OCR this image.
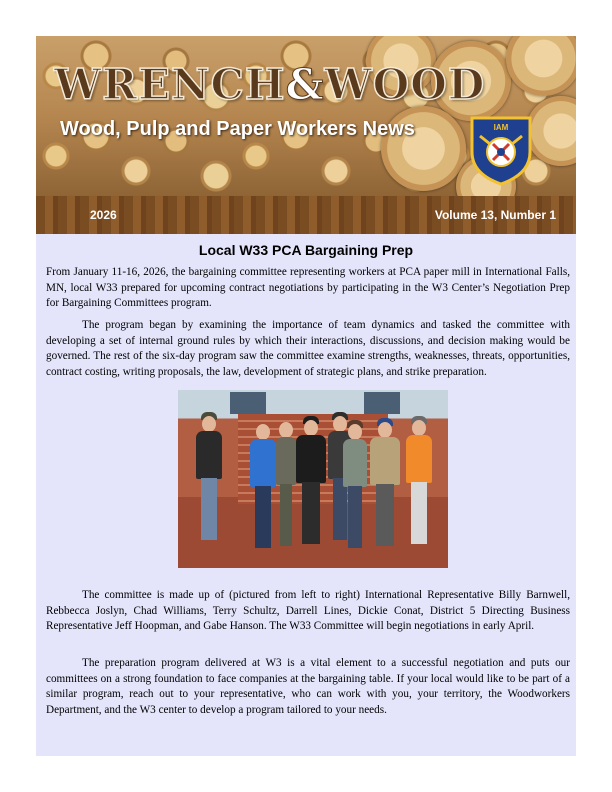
WRENCH&WOOD
Wood, Pulp and Paper Workers News	IAM
2026	Volume 13, Number 1
Local W33 PCA Bargaining Prep

From January 11-16, 2026, the bargaining committee representing workers at PCA paper mill in International Falls, MN, local W33 prepared for upcoming contract negotiations by participating in the W3 Center’s Negotiation Prep for Bargaining Committees program.

The program began by examining the importance of team dynamics and tasked the committee with developing a set of internal ground rules by which their interactions, discussions, and decision making would be governed. The rest of the six-day program saw the committee examine strengths, weaknesses, threats, opportunities, contract costing, writing proposals, the law, development of strategic plans, and strike preparation.

The committee is made up of (pictured from left to right) International Representative Billy Barnwell, Rebbecca Joslyn, Chad Williams, Terry Schultz, Darrell Lines, Dickie Conat, District 5 Directing Business Representative Jeff Hoopman, and Gabe Hanson. The W33 Committee will begin negotiations in early April.

The preparation program delivered at W3 is a vital element to a successful negotiation and puts our committees on a strong foundation to face companies at the bargaining table. If your local would like to be part of a similar program, reach out to your representative, who can work with you, your territory, the Woodworkers Department, and the W3 center to develop a program tailored to your needs.
